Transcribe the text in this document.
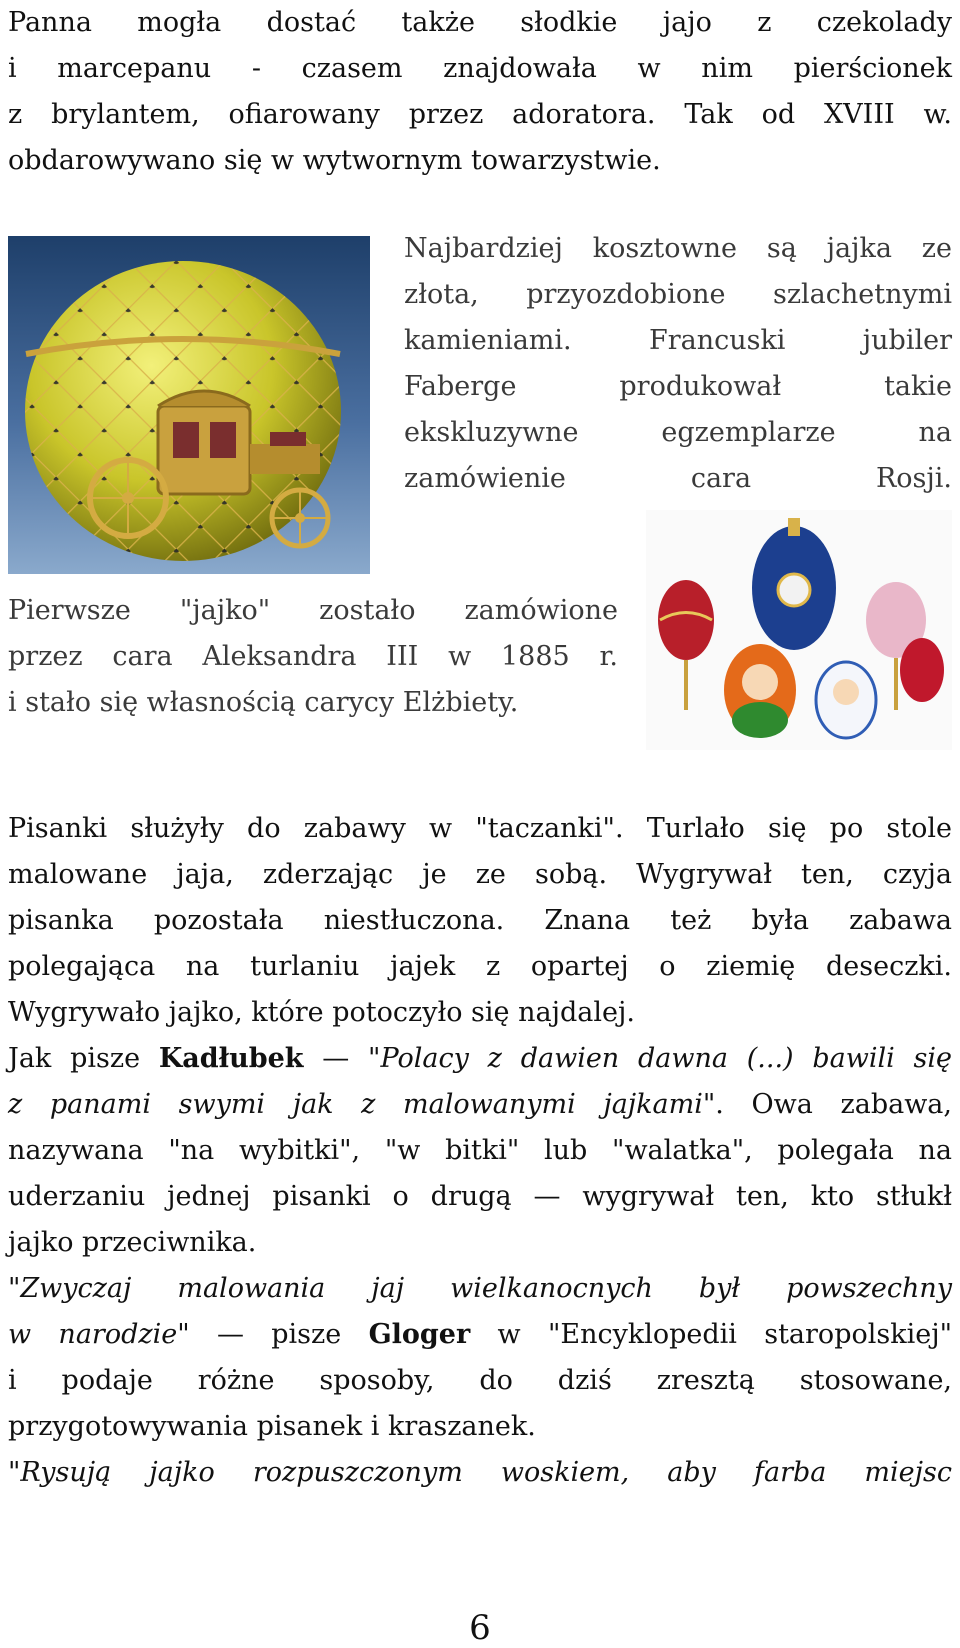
Panna mogła dostać także słodkie jajo z czekolady
i marcepanu - czasem znajdowała w nim pierścionek
z brylantem, ofiarowany przez adoratora. Tak od XVIII w.
obdarowywano się w wytwornym towarzystwie.
Najbardziej kosztowne są jajka ze
złota, przyozdobione szlachetnymi
kamieniami. Francuski jubiler
Faberge produkował takie
ekskluzywne egzemplarze na
zamówienie cara Rosji.
Pierwsze "jajko" zostało zamówione
przez cara Aleksandra III w 1885 r.
i stało się własnością carycy Elżbiety.
Pisanki służyły do zabawy w "taczanki". Turlało się po stole
malowane jaja, zderzając je ze sobą. Wygrywał ten, czyja
pisanka pozostała niestłuczona. Znana też była zabawa
polegająca na turlaniu jajek z opartej o ziemię deseczki.
Wygrywało jajko, które potoczyło się najdalej.
Jak pisze Kadłubek — "Polacy z dawien dawna (...) bawili się
z panami swymi jak z malowanymi jajkami". Owa zabawa,
nazywana "na wybitki", "w bitki" lub "walatka", polegała na
uderzaniu jednej pisanki o drugą — wygrywał ten, kto stłukł
jajko przeciwnika.
"Zwyczaj malowania jaj wielkanocnych był powszechny
w narodzie" — pisze Gloger w "Encyklopedii staropolskiej"
i podaje różne sposoby, do dziś zresztą stosowane,
przygotowywania pisanek i kraszanek.
"Rysują jajko rozpuszczonym woskiem, aby farba miejsc
6
